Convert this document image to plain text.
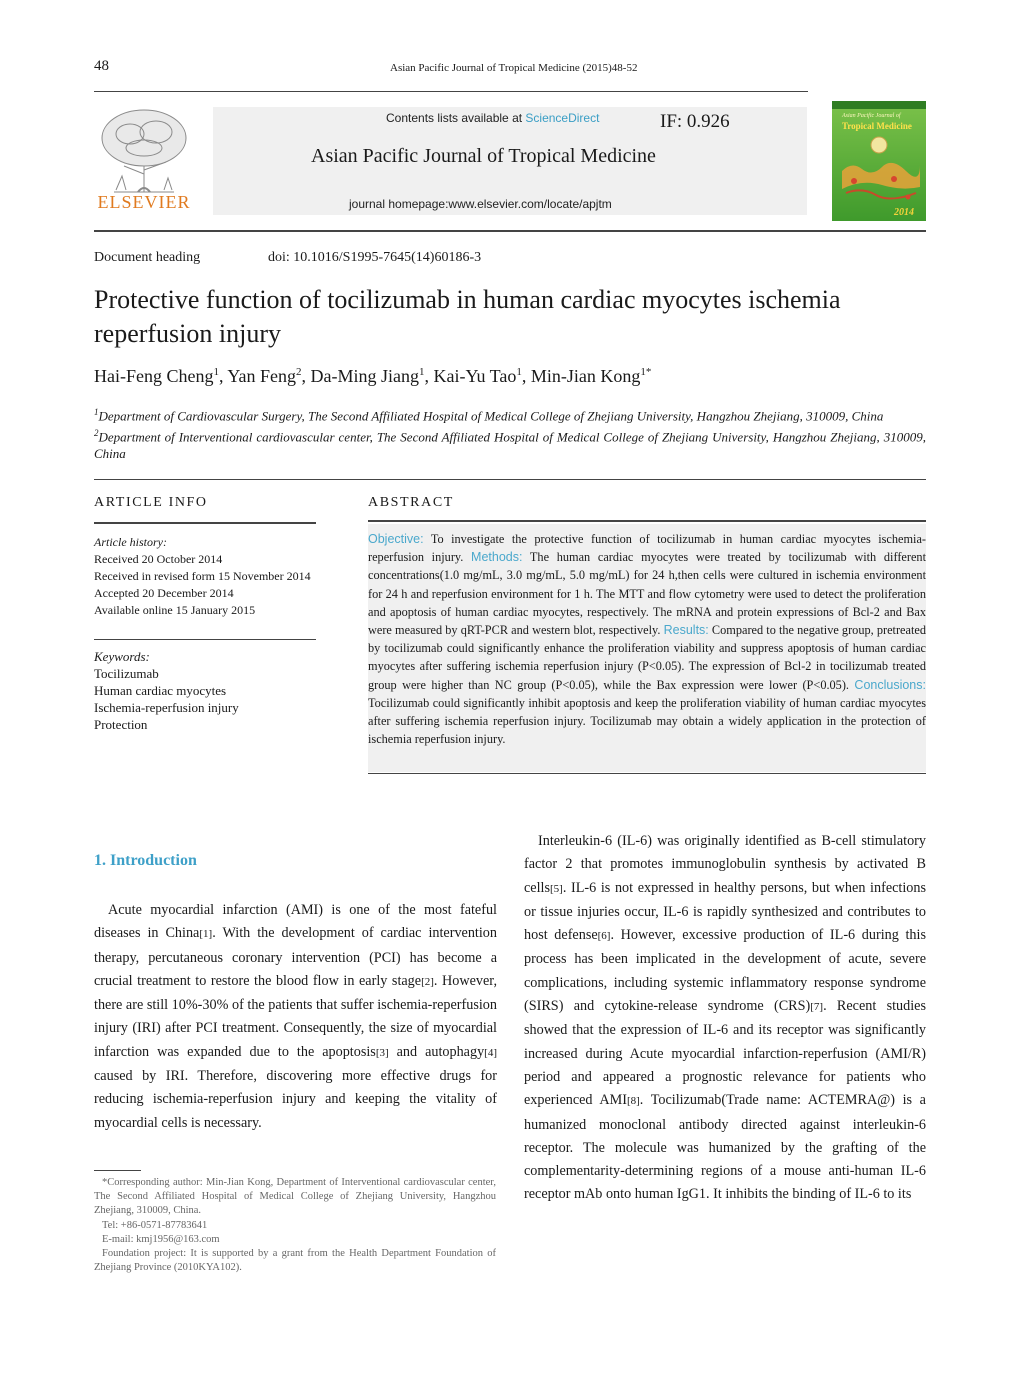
48	Asian Pacific Journal of Tropical Medicine (2015)48-52
ELSEVIER
Contents lists available at ScienceDirect	IF: 0.926
Asian Pacific Journal of Tropical Medicine
journal homepage:www.elsevier.com/locate/apjtm
Asian Pacific Journal of
Tropical Medicine
2014
Document heading	doi: 10.1016/S1995-7645(14)60186-3
Protective function of tocilizumab in human cardiac myocytes ischemia reperfusion injury
Hai-Feng Cheng$^1$, Yan Feng$^2$, Da-Ming Jiang$^1$, Kai-Yu Tao$^1$, Min-Jian Kong$^{1*}$
$^1$Department of Cardiovascular Surgery, The Second Affiliated Hospital of Medical College of Zhejiang University, Hangzhou Zhejiang, 310009, China
$^2$Department of Interventional cardiovascular center, The Second Affiliated Hospital of Medical College of Zhejiang University, Hangzhou Zhejiang, 310009, China
ARTICLE INFO
Article history:
Received 20 October 2014
Received in revised form 15 November 2014
Accepted 20 December 2014
Available online 15 January 2015
Keywords:
Tocilizumab
Human cardiac myocytes
Ischemia-reperfusion injury
Protection
ABSTRACT
Objective: To investigate the protective function of tocilizumab in human cardiac myocytes ischemia-reperfusion injury. Methods: The human cardiac myocytes were treated by tocilizumab with different concentrations(1.0 mg/mL, 3.0 mg/mL, 5.0 mg/mL) for 24 h,then cells were cultured in ischemia environment for 24 h and reperfusion environment for 1 h. The MTT and flow cytometry were used to detect the proliferation and apoptosis of human cardiac myocytes, respectively. The mRNA and protein expressions of Bcl-2 and Bax were measured by qRT-PCR and western blot, respectively. Results: Compared to the negative group, pretreated by tocilizumab could significantly enhance the proliferation viability and suppress apoptosis of human cardiac myocytes after suffering ischemia reperfusion injury (P<0.05). The expression of Bcl-2 in tocilizumab treated group were higher than NC group (P<0.05), while the Bax expression were lower (P<0.05). Conclusions: Tocilizumab could significantly inhibit apoptosis and keep the proliferation viability of human cardiac myocytes after suffering ischemia reperfusion injury. Tocilizumab may obtain a widely application in the protection of ischemia reperfusion injury.
1. Introduction
Acute myocardial infarction (AMI) is one of the most fateful diseases in China[1]. With the development of cardiac intervention therapy, percutaneous coronary intervention (PCI) has become a crucial treatment to restore the blood flow in early stage[2]. However, there are still 10%-30% of the patients that suffer ischemia-reperfusion injury (IRI) after PCI treatment. Consequently, the size of myocardial infarction was expanded due to the apoptosis[3] and autophagy[4] caused by IRI. Therefore, discovering more effective drugs for reducing ischemia-reperfusion injury and keeping the vitality of myocardial cells is necessary.
Interleukin-6 (IL-6) was originally identified as B-cell stimulatory factor 2 that promotes immunoglobulin synthesis by activated B cells[5]. IL-6 is not expressed in healthy persons, but when infections or tissue injuries occur, IL-6 is rapidly synthesized and contributes to host defense[6]. However, excessive production of IL-6 during this process has been implicated in the development of acute, severe complications, including systemic inflammatory response syndrome (SIRS) and cytokine-release syndrome (CRS)[7]. Recent studies showed that the expression of IL-6 and its receptor was significantly increased during Acute myocardial infarction-reperfusion (AMI/R) period and appeared a prognostic relevance for patients who experienced AMI[8]. Tocilizumab(Trade name: ACTEMRA@) is a humanized monoclonal antibody directed against interleukin-6 receptor. The molecule was humanized by the grafting of the complementarity-determining regions of a mouse anti-human IL-6 receptor mAb onto human IgG1. It inhibits the binding of IL-6 to its

*Corresponding author: Min-Jian Kong, Department of Interventional cardiovascular center, The Second Affiliated Hospital of Medical College of Zhejiang University, Hangzhou Zhejiang, 310009, China.

Tel: +86-0571-87783641

E-mail: kmj1956@163.com

Foundation project: It is supported by a grant from the Health Department Foundation of Zhejiang Province (2010KYA102).
